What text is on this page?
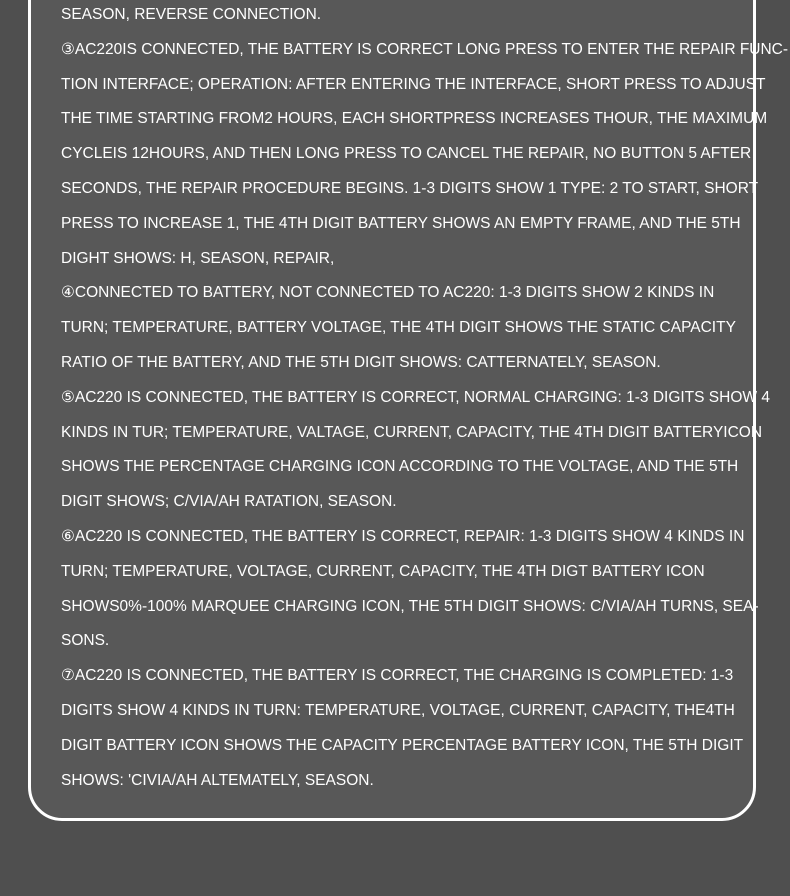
SEASON, REVERSE CONNECTION.
③AC220IS CONNECTED, THE BATTERY IS CORRECT LONG PRESS TO ENTER THE REPAIR FUNC-
TION INTERFACE; OPERATION: AFTER ENTERING THE INTERFACE, SHORT PRESS TO ADJUST
THE TIME STARTING FROM2 HOURS, EACH SHORTPRESS INCREASES THOUR, THE MAXIMUM
CYCLEIS 12HOURS, AND THEN LONG PRESS TO CANCEL THE REPAIR, NO BUTTON 5 AFTER
SECONDS, THE REPAIR PROCEDURE BEGINS. 1-3 DIGITS SHOW 1 TYPE: 2 TO START, SHORT
PRESS TO INCREASE 1, THE 4TH DIGIT BATTERY SHOWS AN EMPTY FRAME, AND THE 5TH
DIGHT SHOWS: H, SEASON, REPAIR,
④CONNECTED TO BATTERY, NOT CONNECTED TO AC220: 1-3 DIGITS SHOW 2 KINDS IN
TURN; TEMPERATURE, BATTERY VOLTAGE, THE 4TH DIGIT SHOWS THE STATIC CAPACITY
RATIO OF THE BATTERY, AND THE 5TH DIGIT SHOWS: CATTERNATELY, SEASON.
⑤AC220 IS CONNECTED, THE BATTERY IS CORRECT, NORMAL CHARGING: 1-3 DIGITS SHOW 4
KINDS IN TUR; TEMPERATURE, VALTAGE, CURRENT, CAPACITY, THE 4TH DIGIT BATTERYICON
SHOWS THE PERCENTAGE CHARGING ICON ACCORDING TO THE VOLTAGE, AND THE 5TH
DIGIT SHOWS; C/VIA/AH RATATION, SEASON.
⑥AC220 IS CONNECTED, THE BATTERY IS CORRECT, REPAIR: 1-3 DIGITS SHOW 4 KINDS IN
TURN; TEMPERATURE, VOLTAGE, CURRENT, CAPACITY, THE 4TH DIGT BATTERY ICON
SHOWS0%-100% MARQUEE CHARGING ICON, THE 5TH DIGIT SHOWS: C/VIA/AH TURNS, SEA-
SONS.
⑦AC220 IS CONNECTED, THE BATTERY IS CORRECT, THE CHARGING IS COMPLETED: 1-3
DIGITS SHOW 4 KINDS IN TURN: TEMPERATURE, VOLTAGE, CURRENT, CAPACITY, THE4TH
DIGIT BATTERY ICON SHOWS THE CAPACITY PERCENTAGE BATTERY ICON, THE 5TH DIGIT
SHOWS: 'CIVIA/AH ALTEMATELY, SEASON.
